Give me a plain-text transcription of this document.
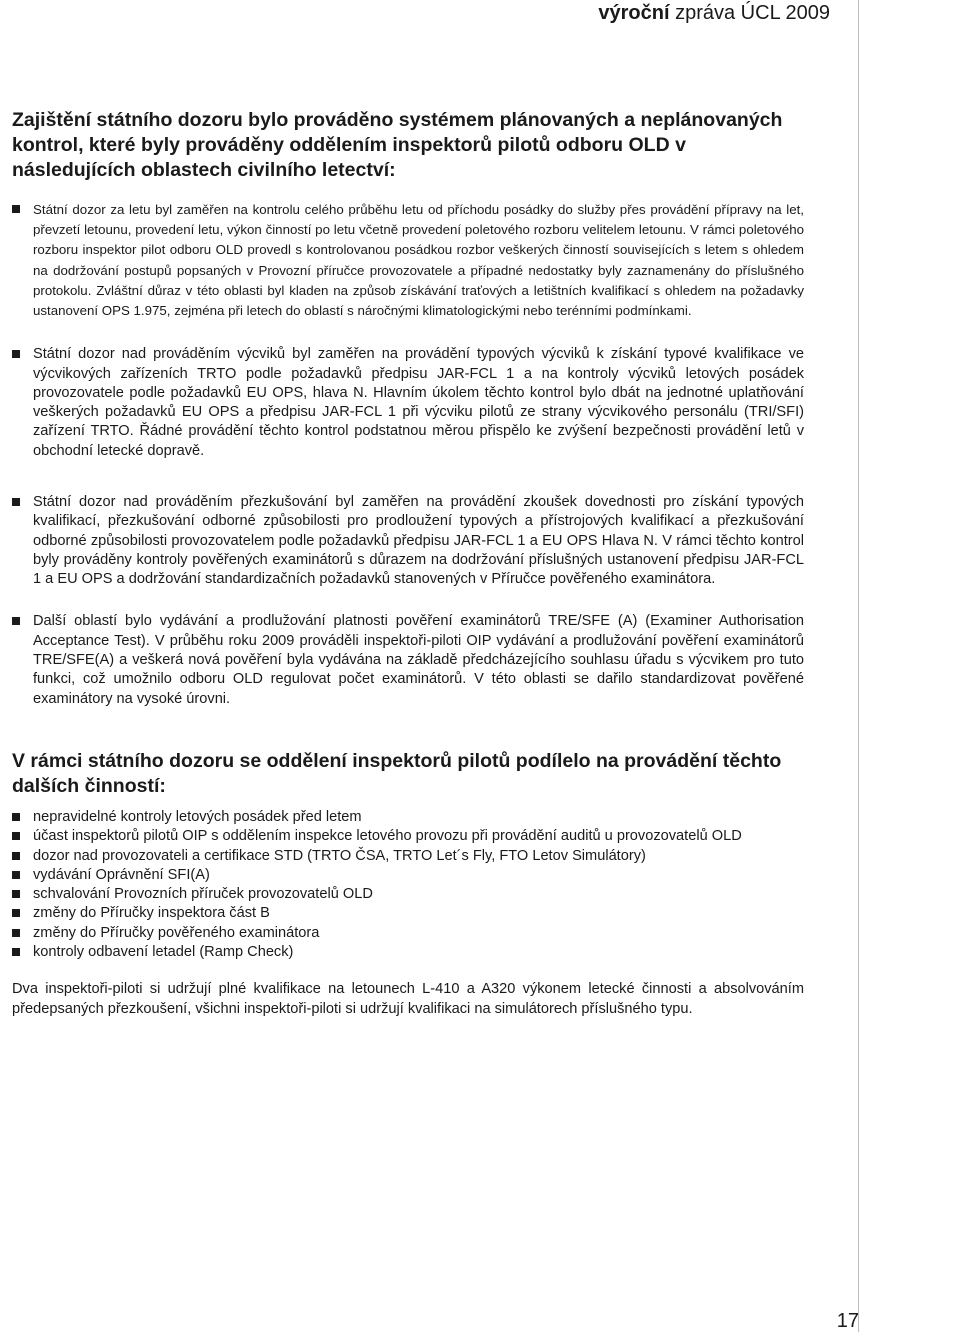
výroční zpráva ÚCL 2009
Zajištění státního dozoru bylo prováděno systémem plánovaných a neplánovaných kontrol, které byly prováděny oddělením inspektorů pilotů odboru OLD v následujících oblastech civilního letectví:
Státní dozor za letu byl zaměřen na kontrolu celého průběhu letu od příchodu posádky do služby přes provádění přípravy na let, převzetí letounu, provedení letu, výkon činností po letu včetně provedení poletového rozboru velitelem letounu. V rámci poletového rozboru inspektor pilot odboru OLD provedl s kontrolovanou posádkou rozbor veškerých činností souvisejících s letem s ohledem na dodržování postupů popsaných v Provozní příručce provozovatele a případné nedostatky byly zaznamenány do příslušného protokolu. Zvláštní důraz v této oblasti byl kladen na způsob získávání traťových a letištních kvalifikací s ohledem na požadavky ustanovení OPS 1.975, zejména při letech do oblastí s náročnými klimatologickými nebo terénními podmínkami.
Státní dozor nad prováděním výcviků byl zaměřen na provádění typových výcviků k získání typové kvalifikace ve výcvikových zařízeních TRTO podle požadavků předpisu JAR-FCL 1 a na kontroly výcviků letových posádek provozovatele podle požadavků EU OPS, hlava N. Hlavním úkolem těchto kontrol bylo dbát na jednotné uplatňování veškerých požadavků EU OPS a předpisu JAR-FCL 1 při výcviku pilotů ze strany výcvikového personálu (TRI/SFI) zařízení TRTO. Řádné provádění těchto kontrol podstatnou měrou přispělo ke zvýšení bezpečnosti provádění letů v obchodní letecké dopravě.
Státní dozor nad prováděním přezkušování byl zaměřen na provádění zkoušek dovednosti pro získání typových kvalifikací, přezkušování odborné způsobilosti pro prodloužení typových a přístrojových kvalifikací a přezkušování odborné způsobilosti provozovatelem podle požadavků předpisu JAR-FCL 1 a EU OPS Hlava N. V rámci těchto kontrol byly prováděny kontroly pověřených examinátorů s důrazem na dodržování příslušných ustanovení předpisu JAR-FCL 1 a EU OPS a dodržování standardizačních požadavků stanovených v Příručce pověřeného examinátora.
Další oblastí bylo vydávání a prodlužování platnosti pověření examinátorů TRE/SFE (A) (Examiner Authorisation Acceptance Test). V průběhu roku 2009 prováděli inspektoři-piloti OIP vydávání a prodlužování pověření examinátorů TRE/SFE(A) a veškerá nová pověření byla vydávána na základě předcházejícího souhlasu úřadu s výcvikem pro tuto funkci, což umožnilo odboru OLD regulovat počet examinátorů. V této oblasti se dařilo standardizovat pověřené examinátory na vysoké úrovni.
V rámci státního dozoru se oddělení inspektorů pilotů podílelo na provádění těchto dalších činností:
nepravidelné kontroly letových posádek před letem
účast inspektorů pilotů OIP s oddělením inspekce letového provozu při provádění auditů u provozovatelů OLD
dozor nad provozovateli a certifikace STD (TRTO ČSA, TRTO Let´s Fly, FTO Letov Simulátory)
vydávání Oprávnění SFI(A)
schvalování Provozních příruček provozovatelů OLD
změny do Příručky inspektora část B
změny do Příručky pověřeného examinátora
kontroly odbavení letadel (Ramp Check)

Dva inspektoři-piloti si udržují plné kvalifikace na letounech L-410 a A320 výkonem letecké činnosti a absolvováním předepsaných přezkoušení, všichni inspektoři-piloti si udržují kvalifikaci na simulátorech příslušného typu.

17
